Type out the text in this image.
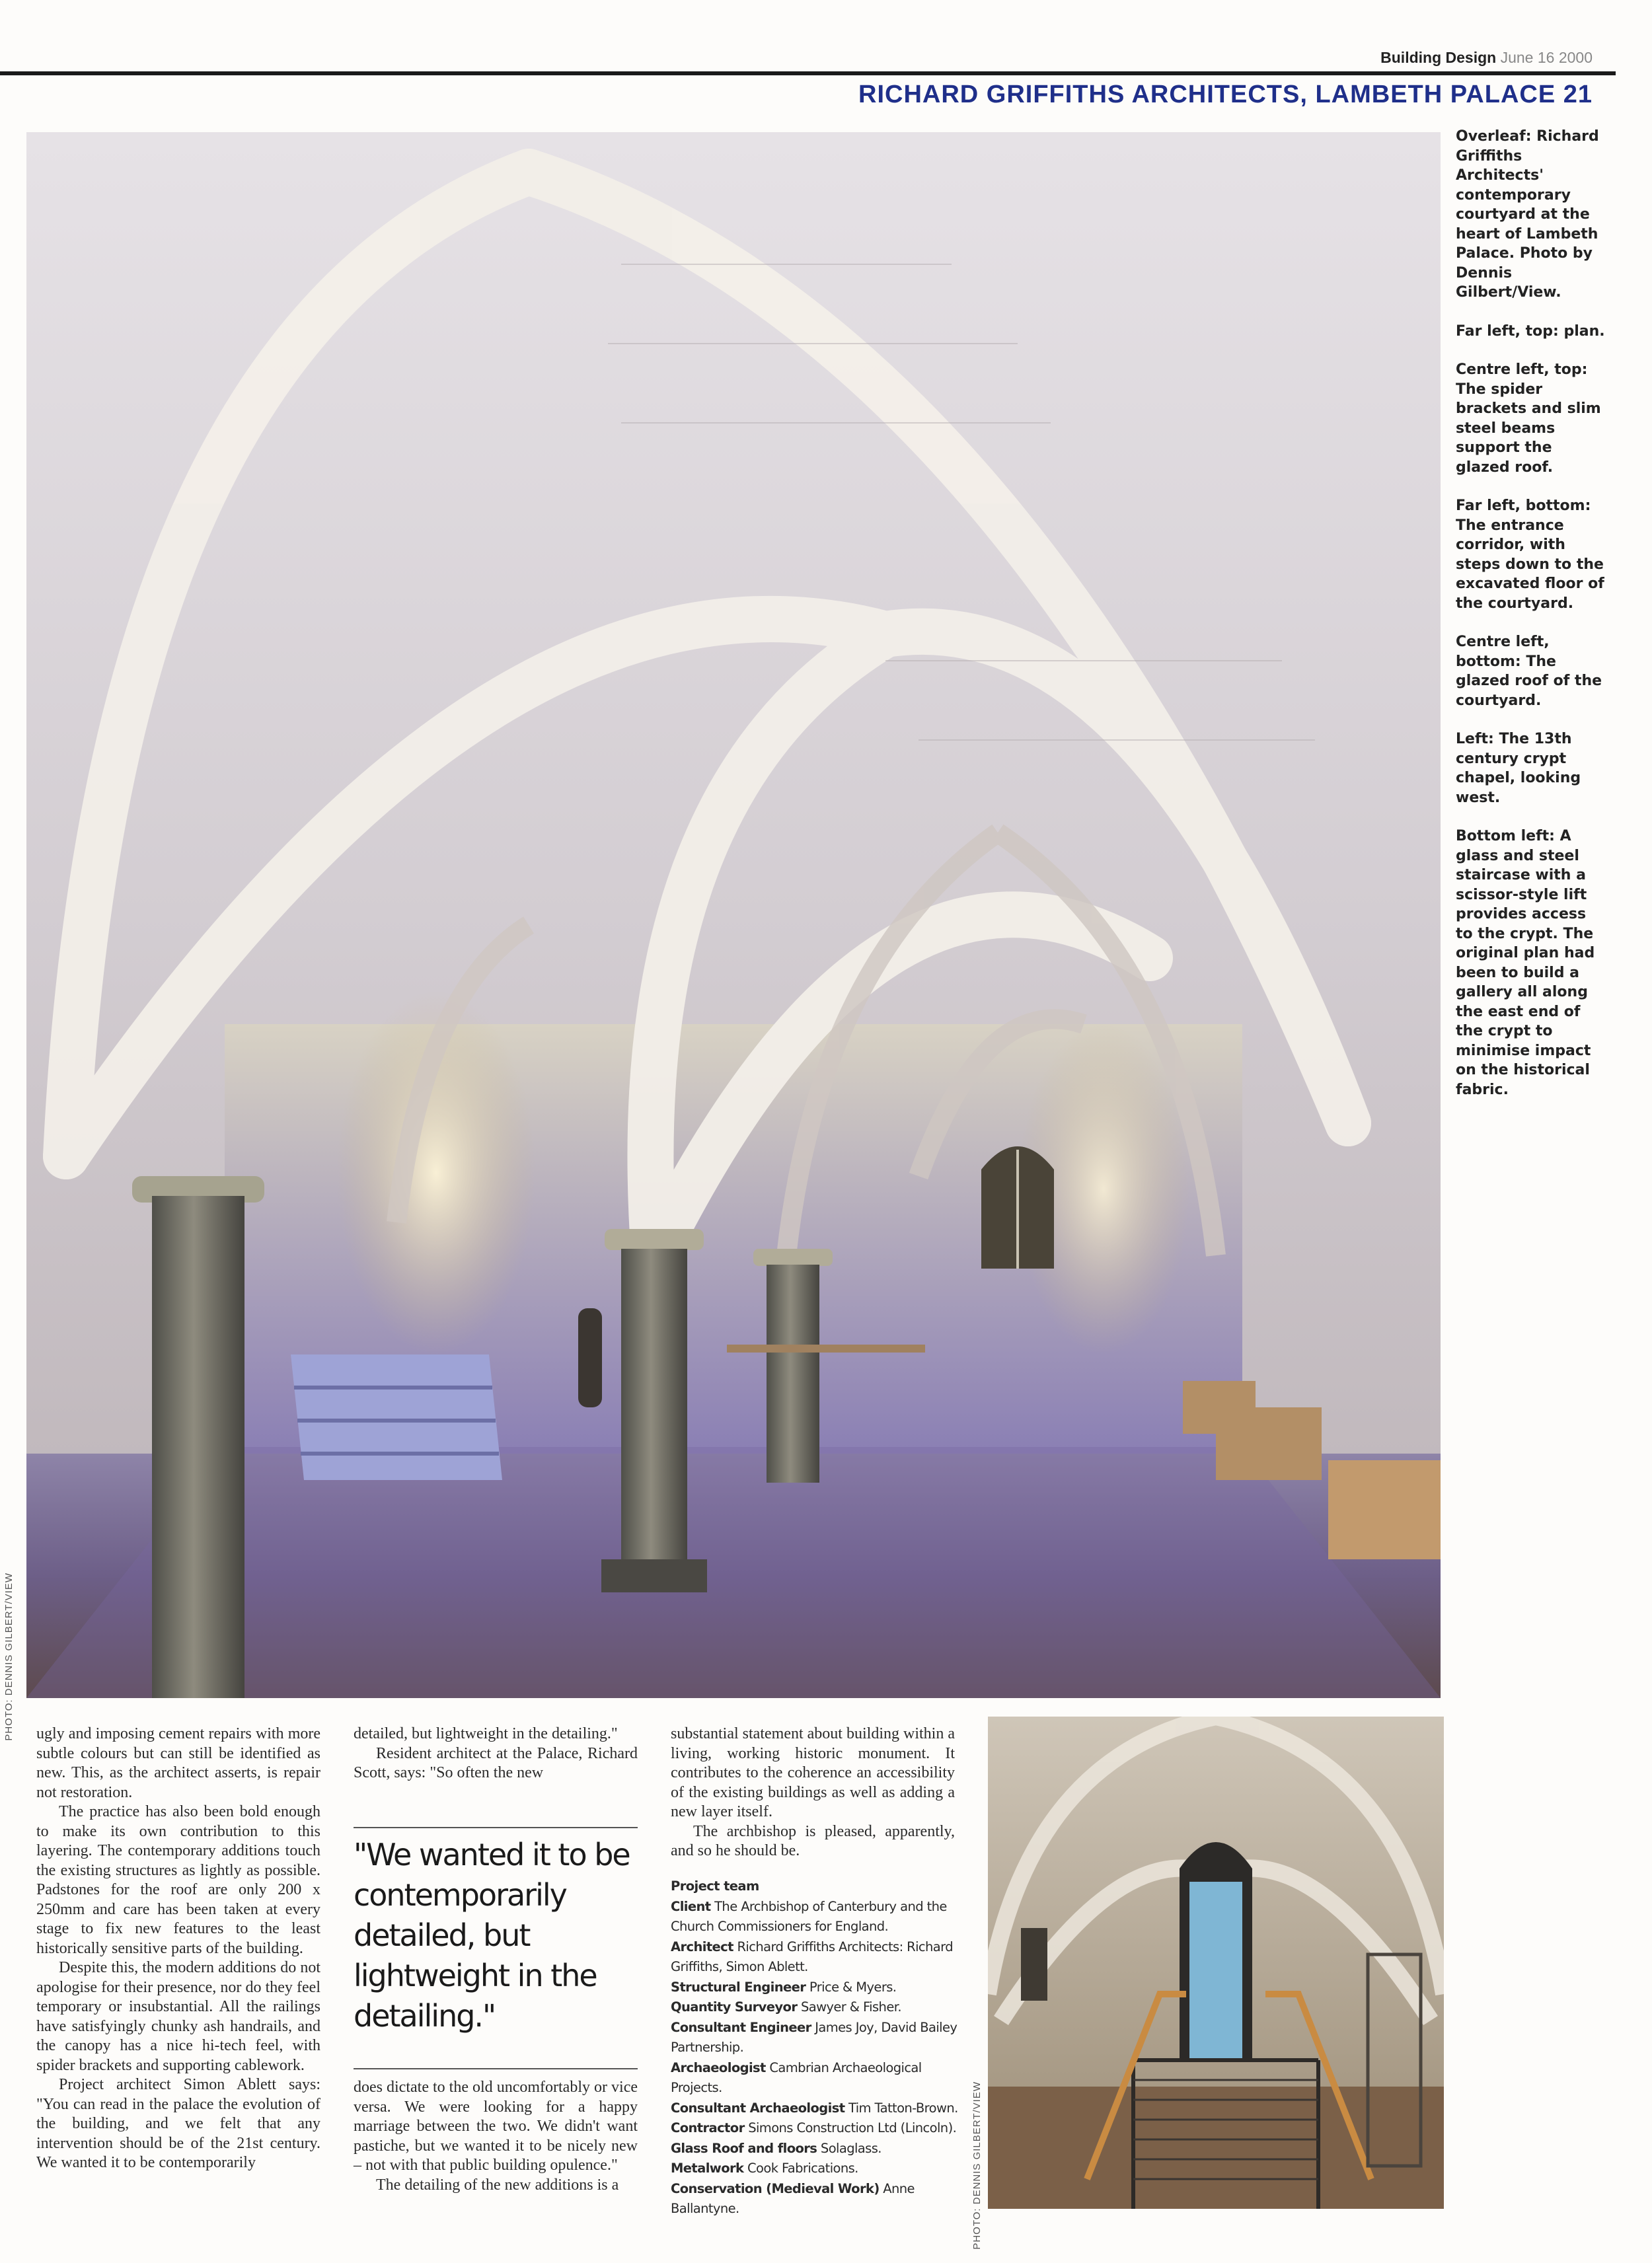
Building Design June 16 2000
RICHARD GRIFFITHS ARCHITECTS, LAMBETH PALACE 21
PHOTO: DENNIS GILBERT/VIEW

Overleaf: Richard Griffiths Architects' contemporary courtyard at the heart of Lambeth Palace. Photo by Dennis Gilbert/View.

Far left, top: plan.

Centre left, top: The spider brackets and slim steel beams support the glazed roof.

Far left, bottom: The entrance corridor, with steps down to the excavated floor of the courtyard.

Centre left, bottom: The glazed roof of the courtyard.

Left: The 13th century crypt chapel, looking west.

Bottom left: A glass and steel staircase with a scissor-style lift provides access to the crypt. The original plan had been to build a gallery all along the east end of the crypt to minimise impact on the historical fabric.

ugly and imposing cement repairs with more subtle colours but can still be identified as new. This, as the architect asserts, is repair not restoration.

The practice has also been bold enough to make its own contribution to this layering. The contemporary additions touch the existing structures as lightly as possible. Padstones for the roof are only 200 x 250mm and care has been taken at every stage to fix new features to the least historically sensitive parts of the building.

Despite this, the modern additions do not apologise for their presence, nor do they feel temporary or insubstantial. All the railings have satisfyingly chunky ash handrails, and the canopy has a nice hi-tech feel, with spider brackets and supporting cablework.

Project architect Simon Ablett says: "You can read in the palace the evolution of the building, and we felt that any intervention should be of the 21st century. We wanted it to be contemporarily

detailed, but lightweight in the detailing."

Resident architect at the Palace, Richard Scott, says: "So often the new

"We wanted it to be contemporarily detailed, but lightweight in the detailing."

does dictate to the old uncomfortably or vice versa. We were looking for a happy marriage between the two. We didn't want pastiche, but we wanted it to be nicely new – not with that public building opulence."

The detailing of the new additions is a

substantial statement about building within a living, working historic monument. It contributes to the coherence an accessibility of the existing buildings as well as adding a new layer itself.

The archbishop is pleased, apparently, and so he should be.

Project team
Client The Archbishop of Canterbury and the Church Commissioners for England.
Architect Richard Griffiths Architects: Richard Griffiths, Simon Ablett.
Structural Engineer Price & Myers.
Quantity Surveyor Sawyer & Fisher.
Consultant Engineer James Joy, David Bailey Partnership.
Archaeologist Cambrian Archaeological Projects.
Consultant Archaeologist Tim Tatton-Brown.
Contractor Simons Construction Ltd (Lincoln).
Glass Roof and floors Solaglass.
Metalwork Cook Fabrications.
Conservation (Medieval Work) Anne Ballantyne.	PHOTO: DENNIS GILBERT/VIEW
